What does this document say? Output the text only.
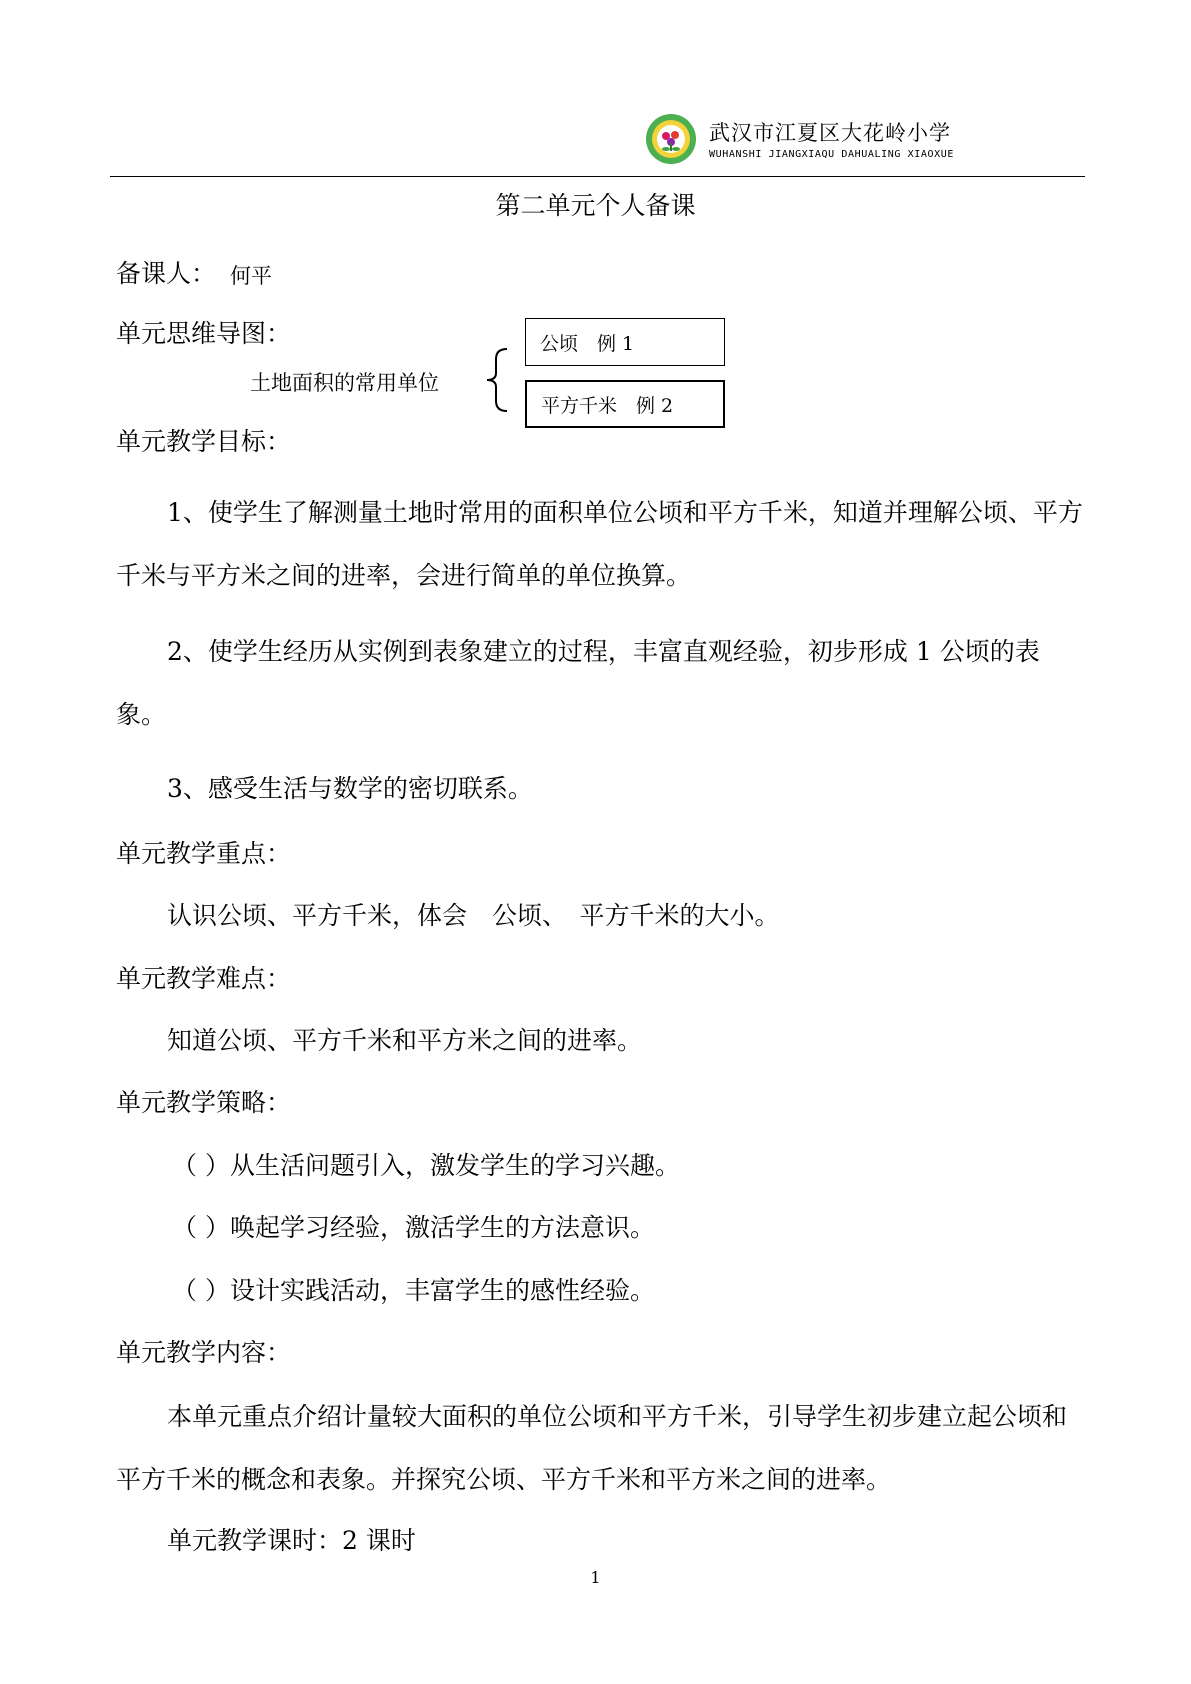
武汉市江夏区大花岭小学
WUHANSHI JIANGXIAQU DAHUALING XIAOXUE
第二单元个人备课
备课人： 何平
单元思维导图：
土地面积的常用单位
公顷　例 1
平方千米　例 2
单元教学目标：
1、使学生了解测量土地时常用的面积单位公顷和平方千米，知道并理解公顷、平方千米与平方米之间的进率，会进行简单的单位换算。
2、使学生经历从实例到表象建立的过程，丰富直观经验，初步形成 1 公顷的表象。
3、感受生活与数学的密切联系。
单元教学重点：
认识公顷、平方千米，体会　公顷、　平方千米的大小。
单元教学难点：
知道公顷、平方千米和平方米之间的进率。
单元教学策略：
（ ）从生活问题引入，激发学生的学习兴趣。
（ ）唤起学习经验，激活学生的方法意识。
（ ）设计实践活动，丰富学生的感性经验。
单元教学内容：
本单元重点介绍计量较大面积的单位公顷和平方千米，引导学生初步建立起公顷和平方千米的概念和表象。并探究公顷、平方千米和平方米之间的进率。
单元教学课时：2 课时
1
